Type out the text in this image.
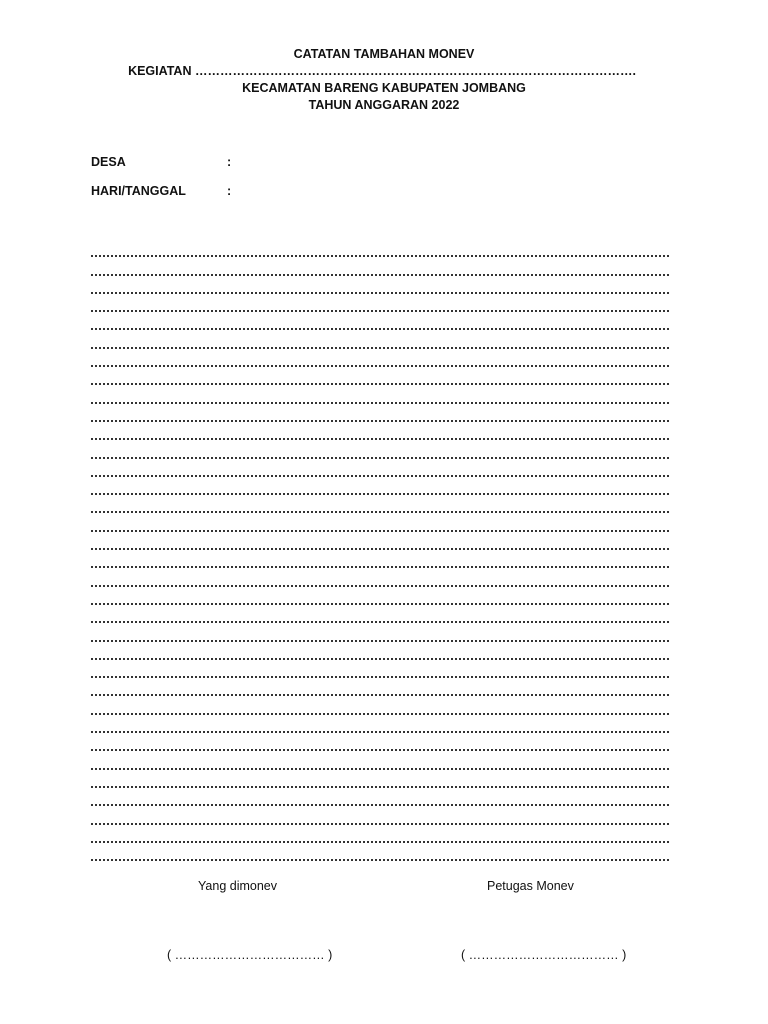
CATATAN TAMBAHAN MONEV
KEGIATAN …………………………………………………………………………………………….
KECAMATAN BARENG KABUPATEN JOMBANG
TAHUN ANGGARAN 2022
DESA	:
HARI/TANGGAL	:
Yang dimonev	Petugas Monev
( ……………………………… )	( ……………………………… )
